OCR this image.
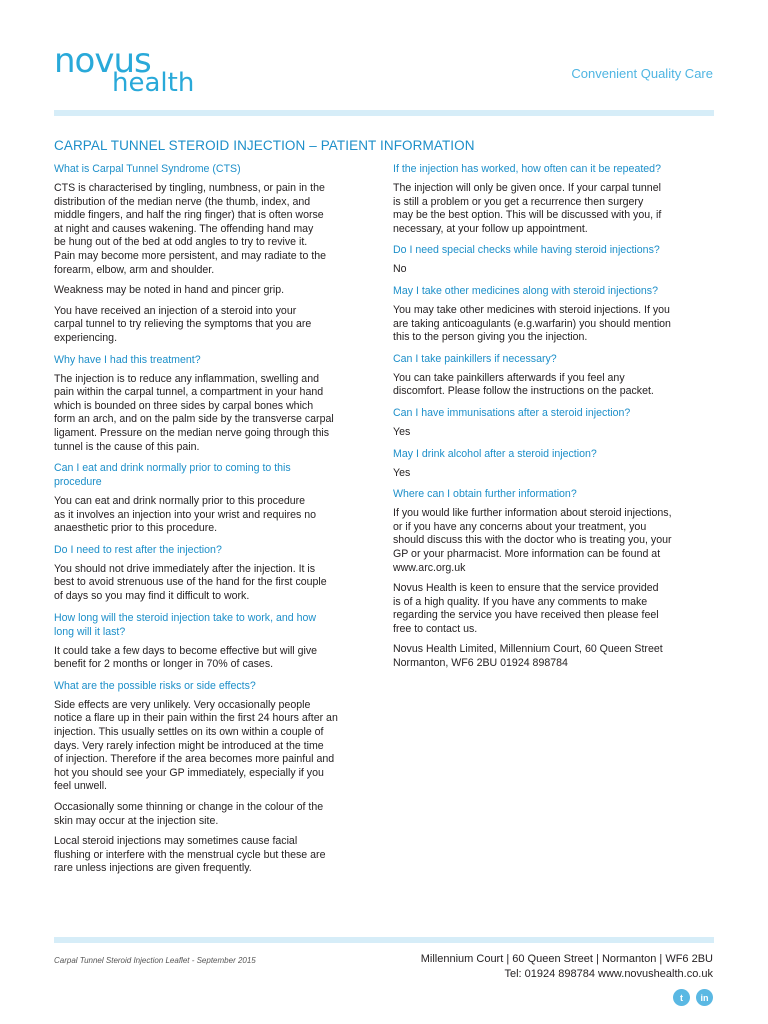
novus
health	Convenient Quality Care
CARPAL TUNNEL STEROID INJECTION – PATIENT INFORMATION
What is Carpal Tunnel Syndrome (CTS)
CTS is characterised by tingling, numbness, or pain in the
distribution of the median nerve (the thumb, index, and
middle fingers, and half the ring finger) that is often worse
at night and causes wakening. The offending hand may
be hung out of the bed at odd angles to try to revive it.
Pain may become more persistent, and may radiate to the
forearm, elbow, arm and shoulder.
Weakness may be noted in hand and pincer grip.
You have received an injection of a steroid into your
carpal tunnel to try relieving the symptoms that you are
experiencing.
Why have I had this treatment?
The injection is to reduce any inflammation, swelling and
pain within the carpal tunnel, a compartment in your hand
which is bounded on three sides by carpal bones which
form an arch, and on the palm side by the transverse carpal
ligament. Pressure on the median nerve going through this
tunnel is the cause of this pain.
Can I eat and drink normally prior to coming to this
procedure
You can eat and drink normally prior to this procedure
as it involves an injection into your wrist and requires no
anaesthetic prior to this procedure.
Do I need to rest after the injection?
You should not drive immediately after the injection. It is
best to avoid strenuous use of the hand for the first couple
of days so you may find it difficult to work.
How long will the steroid injection take to work, and how
long will it last?
It could take a few days to become effective but will give
benefit for 2 months or longer in 70% of cases.
What are the possible risks or side effects?
Side effects are very unlikely. Very occasionally people
notice a flare up in their pain within the first 24 hours after an
injection. This usually settles on its own within a couple of
days. Very rarely infection might be introduced at the time
of injection. Therefore if the area becomes more painful and
hot you should see your GP immediately, especially if you
feel unwell.
Occasionally some thinning or change in the colour of the
skin may occur at the injection site.
Local steroid injections may sometimes cause facial
flushing or interfere with the menstrual cycle but these are
rare unless injections are given frequently.
If the injection has worked, how often can it be repeated?
The injection will only be given once. If your carpal tunnel
is still a problem or you get a recurrence then surgery
may be the best option. This will be discussed with you, if
necessary, at your follow up appointment.
Do I need special checks while having steroid injections?
No
May I take other medicines along with steroid injections?
You may take other medicines with steroid injections. If you
are taking anticoagulants (e.g.warfarin) you should mention
this to the person giving you the injection.
Can I take painkillers if necessary?
You can take painkillers afterwards if you feel any
discomfort. Please follow the instructions on the packet.
Can I have immunisations after a steroid injection?
Yes
May I drink alcohol after a steroid injection?
Yes
Where can I obtain further information?
If you would like further information about steroid injections,
or if you have any concerns about your treatment, you
should discuss this with the doctor who is treating you, your
GP or your pharmacist. More information can be found at
www.arc.org.uk
Novus Health is keen to ensure that the service provided
is of a high quality. If you have any comments to make
regarding the service you have received then please feel
free to contact us.
Novus Health Limited, Millennium Court, 60 Queen Street
Normanton, WF6 2BU 01924 898784
Carpal Tunnel Steroid Injection Leaflet - September 2015	Millennium Court | 60 Queen Street | Normanton | WF6 2BU
Tel: 01924 898784 www.novushealth.co.uk
t	in
